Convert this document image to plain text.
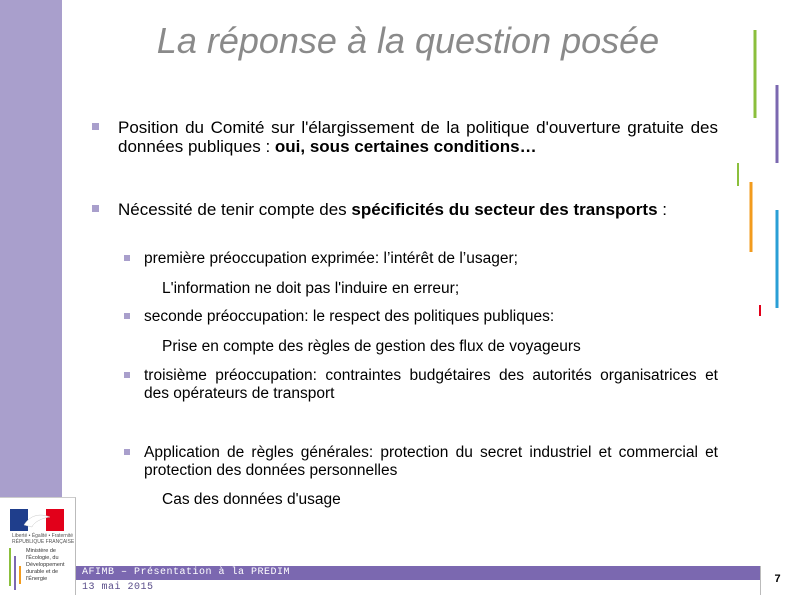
La réponse à la question posée
Position du Comité sur l'élargissement de la politique d'ouverture gratuite des données publiques : oui, sous certaines conditions…
Nécessité de tenir compte des spécificités du secteur des transports :
première préoccupation exprimée: l’intérêt de l’usager;
L'information ne doit pas l'induire en erreur;
seconde préoccupation: le respect des politiques publiques:
Prise en compte des règles de gestion des flux de voyageurs
troisième préoccupation: contraintes budgétaires des autorités organisatrices et des opérateurs de transport
Application de règles générales: protection du secret industriel et commercial et protection des données personnelles
Cas des données d'usage
Liberté • Égalité • Fraternité
RÉPUBLIQUE FRANÇAISE
Ministère de l'Écologie, du Développement durable et de l'Énergie
AFIMB – Présentation à la PREDIM
13 mai 2015
7
